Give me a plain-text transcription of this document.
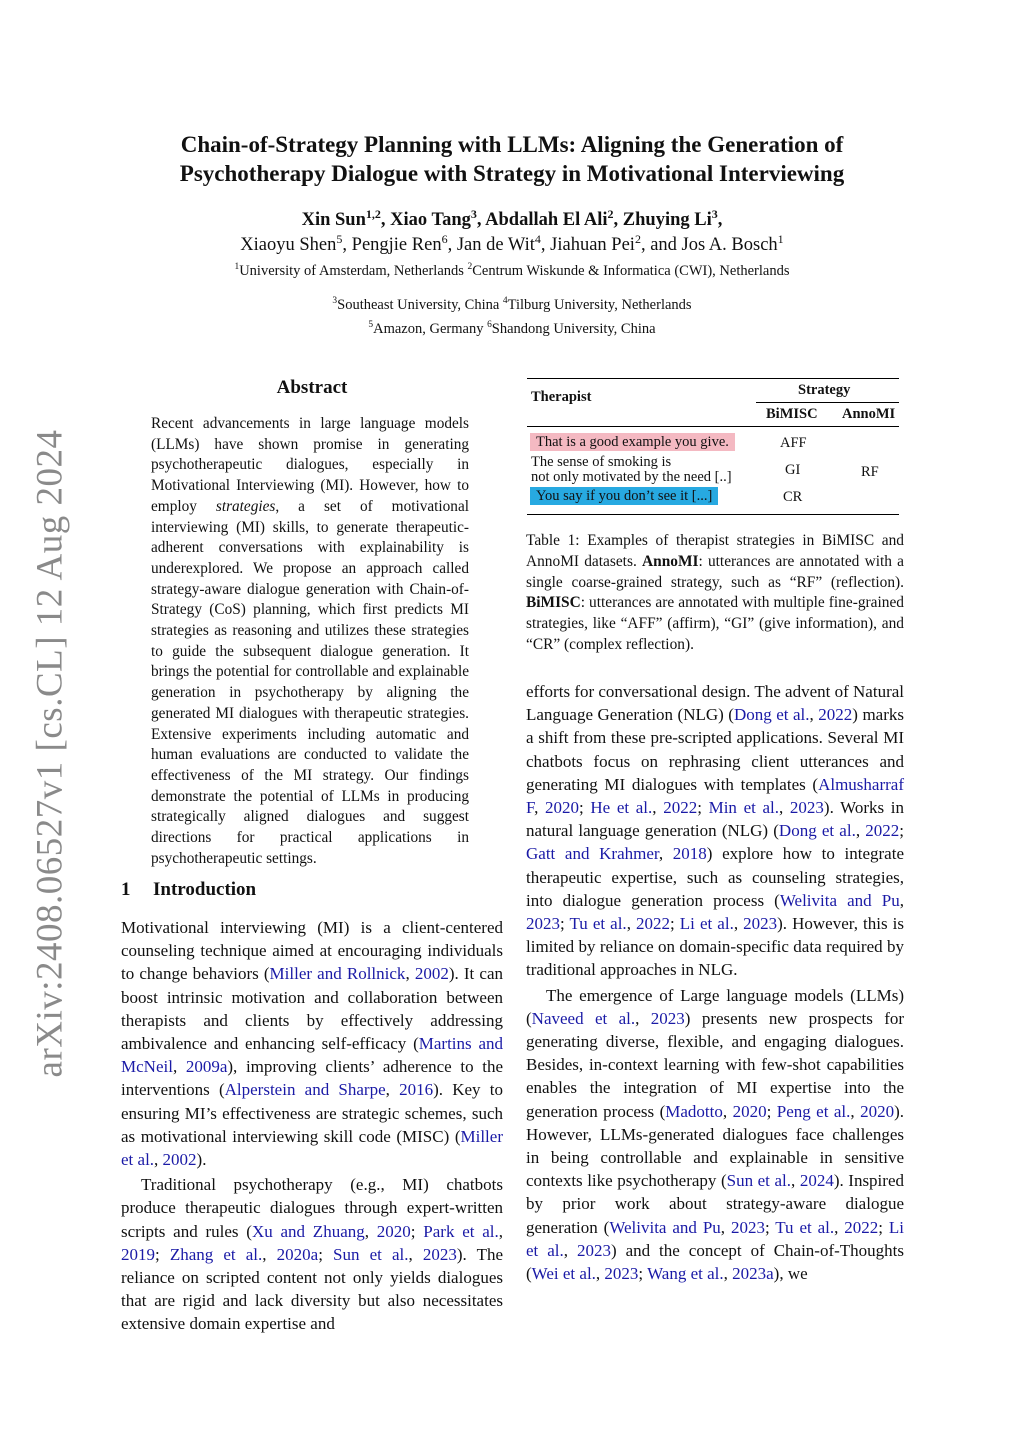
arXiv:2408.06527v1 [cs.CL] 12 Aug 2024
Chain-of-Strategy Planning with LLMs: Aligning the Generation of
Psychotherapy Dialogue with Strategy in Motivational Interviewing
Xin Sun$^{1,2}$, Xiao Tang$^3$, Abdallah El Ali$^2$, Zhuying Li$^3$,
Xiaoyu Shen$^5$, Pengjie Ren$^6$, Jan de Wit$^4$, Jiahuan Pei$^2$, and Jos A. Bosch$^1$
$^1$University of Amsterdam, Netherlands $^2$Centrum Wiskunde & Informatica (CWI), Netherlands
$^3$Southeast University, China $^4$Tilburg University, Netherlands
$^5$Amazon, Germany $^6$Shandong University, China
Abstract

Recent advancements in large language models (LLMs) have shown promise in generating psychotherapeutic dialogues, especially in Motivational Interviewing (MI). However, how to employ strategies, a set of motivational interviewing (MI) skills, to generate therapeutic-adherent conversations with explainability is underexplored. We propose an approach called strategy-aware dialogue generation with Chain-of-Strategy (CoS) planning, which first predicts MI strategies as reasoning and utilizes these strategies to guide the subsequent dialogue generation. It brings the potential for controllable and explainable generation in psychotherapy by aligning the generated MI dialogues with therapeutic strategies. Extensive experiments including automatic and human evaluations are conducted to validate the effectiveness of the MI strategy. Our findings demonstrate the potential of LLMs in producing strategically aligned dialogues and suggest directions for practical applications in psychotherapeutic settings.

1 Introduction

Motivational interviewing (MI) is a client-centered counseling technique aimed at encouraging individuals to change behaviors (Miller and Rollnick, 2002). It can boost intrinsic motivation and collaboration between therapists and clients by effectively addressing ambivalence and enhancing self-efficacy (Martins and McNeil, 2009a), improving clients’ adherence to the interventions (Alperstein and Sharpe, 2016). Key to ensuring MI’s effectiveness are strategic schemes, such as motivational interviewing skill code (MISC) (Miller et al., 2002).

Traditional psychotherapy (e.g., MI) chatbots produce therapeutic dialogues through expert-written scripts and rules (Xu and Zhuang, 2020; Park et al., 2019; Zhang et al., 2020a; Sun et al., 2023). The reliance on scripted content not only yields dialogues that are rigid and lack diversity but also necessitates extensive domain expertise and

Therapist	Strategy
BiMISC AnnoMI
That is a good example you give.	AFF
The sense of smoking is
not only motivated by the need [..]	GI	RF
You say if you don’t see it [...]	CR
Table 1: Examples of therapist strategies in BiMISC and AnnoMI datasets. AnnoMI: utterances are annotated with a single coarse-grained strategy, such as “RF” (reflection). BiMISC: utterances are annotated with multiple fine-grained strategies, like “AFF” (affirm), “GI” (give information), and “CR” (complex reflection).

efforts for conversational design. The advent of Natural Language Generation (NLG) (Dong et al., 2022) marks a shift from these pre-scripted applications. Several MI chatbots focus on rephrasing client utterances and generating MI dialogues with templates (Almusharraf F, 2020; He et al., 2022; Min et al., 2023). Works in natural language generation (NLG) (Dong et al., 2022; Gatt and Krahmer, 2018) explore how to integrate therapeutic expertise, such as counseling strategies, into dialogue generation process (Welivita and Pu, 2023; Tu et al., 2022; Li et al., 2023). However, this is limited by reliance on domain-specific data required by traditional approaches in NLG.

The emergence of Large language models (LLMs) (Naveed et al., 2023) presents new prospects for generating diverse, flexible, and engaging dialogues. Besides, in-context learning with few-shot capabilities enables the integration of MI expertise into the generation process (Madotto, 2020; Peng et al., 2020). However, LLMs-generated dialogues face challenges in being controllable and explainable in sensitive contexts like psychotherapy (Sun et al., 2024). Inspired by prior work about strategy-aware dialogue generation (Welivita and Pu, 2023; Tu et al., 2022; Li et al., 2023) and the concept of Chain-of-Thoughts (Wei et al., 2023; Wang et al., 2023a), we
